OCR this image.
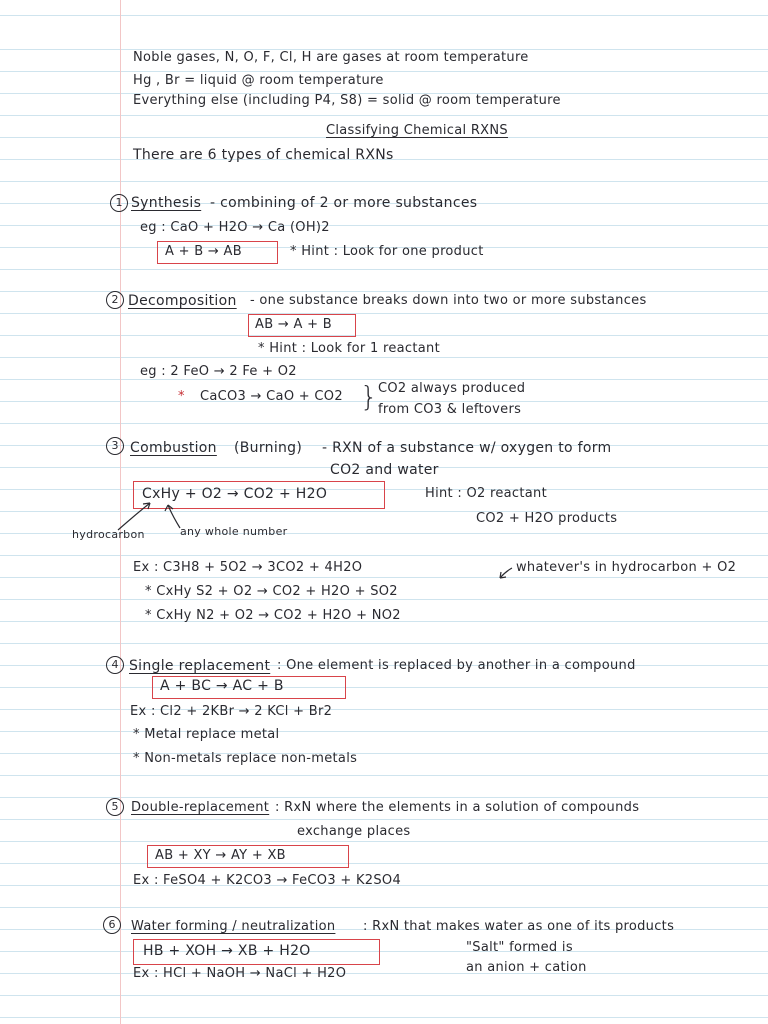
Noble gases, N, O, F, Cl, H are gases at room temperature
Hg , Br = liquid @ room temperature
Everything else (including P4, S8) = solid @ room temperature
Classifying Chemical RXNS
There are 6 types of chemical RXNs
1 Synthesis - combining of 2 or more substances
eg : CaO + H2O → Ca (OH)2
A + B → AB	* Hint : Look for one product
2 Decomposition - one substance breaks down into two or more substances
AB → A + B
* Hint : Look for 1 reactant
eg : 2 FeO → 2 Fe + O2
* CaCO3 → CaO + CO2 } CO2 always produced
from CO3 & leftovers
3 Combustion (Burning) - RXN of a substance w/ oxygen to form
CO2 and water
CxHy + O2 → CO2 + H2O	Hint : O2 reactant
CO2 + H2O products
hydrocarbon	any whole number
Ex : C3H8 + 5O2 → 3CO2 + 4H2O	whatever's in hydrocarbon + O2
* CxHy S2 + O2 → CO2 + H2O + SO2
* CxHy N2 + O2 → CO2 + H2O + NO2
4 Single replacement : One element is replaced by another in a compound
A + BC → AC + B
Ex : Cl2 + 2KBr → 2 KCl + Br2
* Metal replace metal
* Non-metals replace non-metals
5 Double-replacement : RxN where the elements in a solution of compounds
exchange places
AB + XY → AY + XB
Ex : FeSO4 + K2CO3 → FeCO3 + K2SO4
6	Water forming / neutralization : RxN that makes water as one of its products
HB + XOH → XB + H2O	"Salt" formed is
an anion + cation
Ex : HCl + NaOH → NaCl + H2O
